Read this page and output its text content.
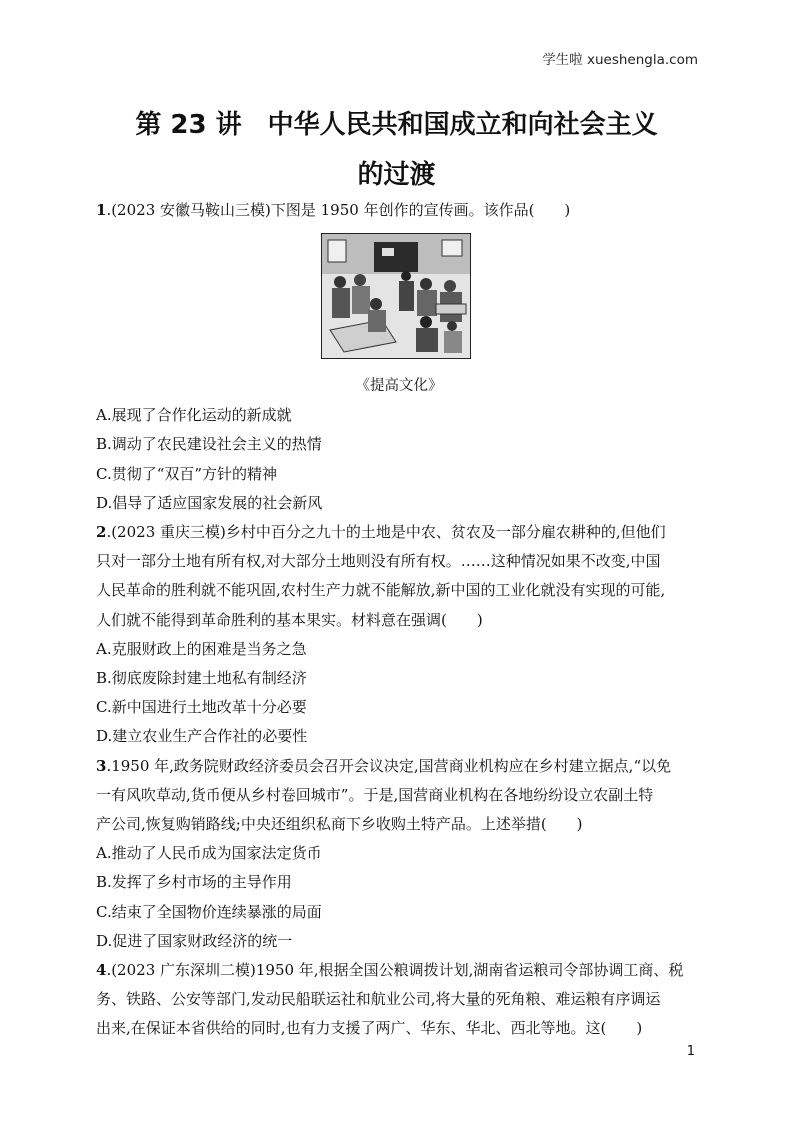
学生啦 xueshengla.com
第 23 讲　中华人民共和国成立和向社会主义
的过渡
1.(2023 安徽马鞍山三模)下图是 1950 年创作的宣传画。该作品(　　)
《提高文化》
A.展现了合作化运动的新成就
B.调动了农民建设社会主义的热情
C.贯彻了“双百”方针的精神
D.倡导了适应国家发展的社会新风
2.(2023 重庆三模)乡村中百分之九十的土地是中农、贫农及一部分雇农耕种的,但他们
只对一部分土地有所有权,对大部分土地则没有所有权。……这种情况如果不改变,中国
人民革命的胜利就不能巩固,农村生产力就不能解放,新中国的工业化就没有实现的可能,
人们就不能得到革命胜利的基本果实。材料意在强调(　　)
A.克服财政上的困难是当务之急
B.彻底废除封建土地私有制经济
C.新中国进行土地改革十分必要
D.建立农业生产合作社的必要性
3.1950 年,政务院财政经济委员会召开会议决定,国营商业机构应在乡村建立据点,“以免
一有风吹草动,货币便从乡村卷回城市”。于是,国营商业机构在各地纷纷设立农副土特
产公司,恢复购销路线;中央还组织私商下乡收购土特产品。上述举措(　　)
A.推动了人民币成为国家法定货币
B.发挥了乡村市场的主导作用
C.结束了全国物价连续暴涨的局面
D.促进了国家财政经济的统一
4.(2023 广东深圳二模)1950 年,根据全国公粮调拨计划,湖南省运粮司令部协调工商、税
务、铁路、公安等部门,发动民船联运社和航业公司,将大量的死角粮、难运粮有序调运
出来,在保证本省供给的同时,也有力支援了两广、华东、华北、西北等地。这(　　)
1
